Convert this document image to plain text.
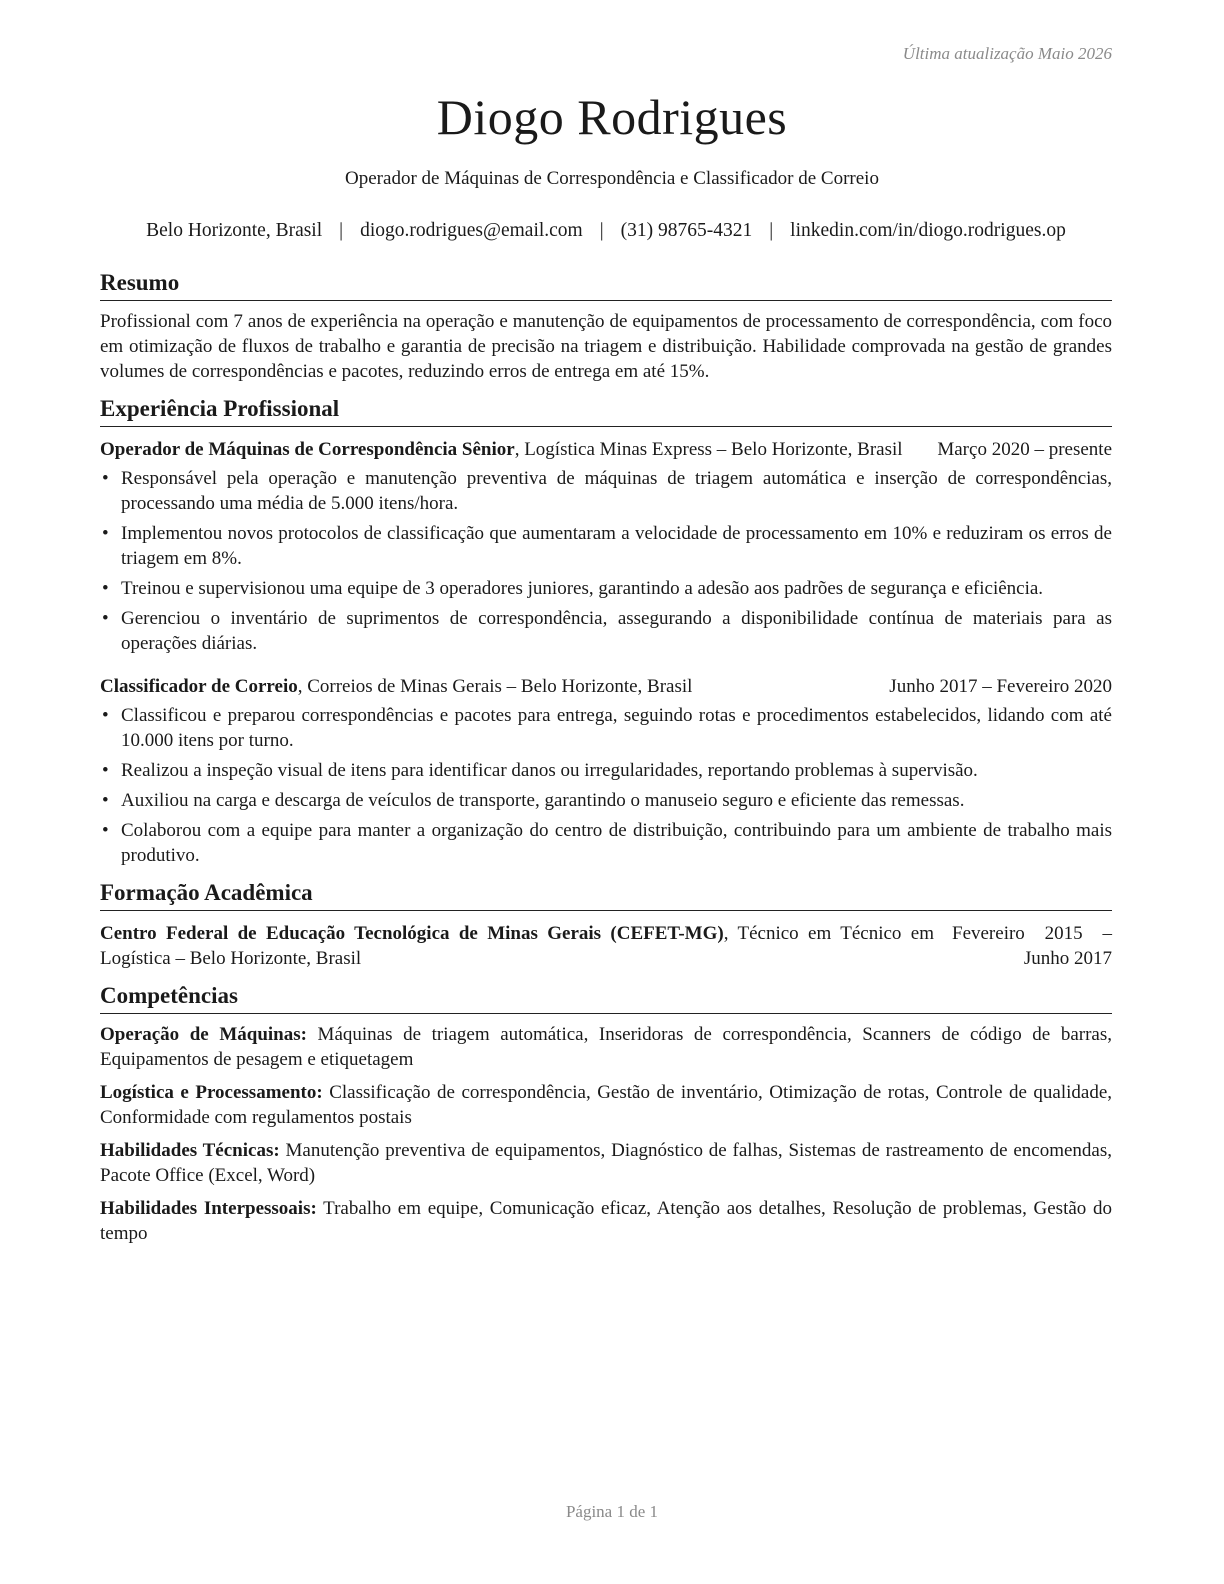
Última atualização Maio 2026
Diogo Rodrigues
Operador de Máquinas de Correspondência e Classificador de Correio
Belo Horizonte, Brasil | diogo.rodrigues@email.com | (31) 98765-4321 | linkedin.com/in/diogo.rodrigues.op
Resumo

Profissional com 7 anos de experiência na operação e manutenção de equipamentos de processamento de correspondência, com foco em otimização de fluxos de trabalho e garantia de precisão na triagem e distribuição. Habilidade comprovada na gestão de grandes volumes de correspondências e pacotes, reduzindo erros de entrega em até 15%.

Experiência Profissional
Operador de Máquinas de Correspondência Sênior, Logística Minas Express – Belo Horizonte, Brasil	Março 2020 – presente
• Responsável pela operação e manutenção preventiva de máquinas de triagem automática e inserção de correspondências, processando uma média de 5.000 itens/hora.
• Implementou novos protocolos de classificação que aumentaram a velocidade de processamento em 10% e reduziram os erros de triagem em 8%.
• Treinou e supervisionou uma equipe de 3 operadores juniores, garantindo a adesão aos padrões de segurança e eficiência.
• Gerenciou o inventário de suprimentos de correspondência, assegurando a disponibilidade contínua de materiais para as operações diárias.
Classificador de Correio, Correios de Minas Gerais – Belo Horizonte, Brasil	Junho 2017 – Fevereiro 2020
• Classificou e preparou correspondências e pacotes para entrega, seguindo rotas e procedimentos estabelecidos, lidando com até 10.000 itens por turno.
• Realizou a inspeção visual de itens para identificar danos ou irregularidades, reportando problemas à supervisão.
• Auxiliou na carga e descarga de veículos de transporte, garantindo o manuseio seguro e eficiente das remessas.
• Colaborou com a equipe para manter a organização do centro de distribuição, contribuindo para um ambiente de trabalho mais produtivo.
Formação Acadêmica
Centro Federal de Educação Tecnológica de Minas Gerais (CEFET-MG), Técnico em Técnico em Logística – Belo Horizonte, Brasil
Fevereiro 2015 – Junho 2017
Competências
Operação de Máquinas: Máquinas de triagem automática, Inseridoras de correspondência, Scanners de código de barras, Equipamentos de pesagem e etiquetagem
Logística e Processamento: Classificação de correspondência, Gestão de inventário, Otimização de rotas, Controle de qualidade, Conformidade com regulamentos postais
Habilidades Técnicas: Manutenção preventiva de equipamentos, Diagnóstico de falhas, Sistemas de rastreamento de encomendas, Pacote Office (Excel, Word)
Habilidades Interpessoais: Trabalho em equipe, Comunicação eficaz, Atenção aos detalhes, Resolução de problemas, Gestão do tempo
Página 1 de 1
